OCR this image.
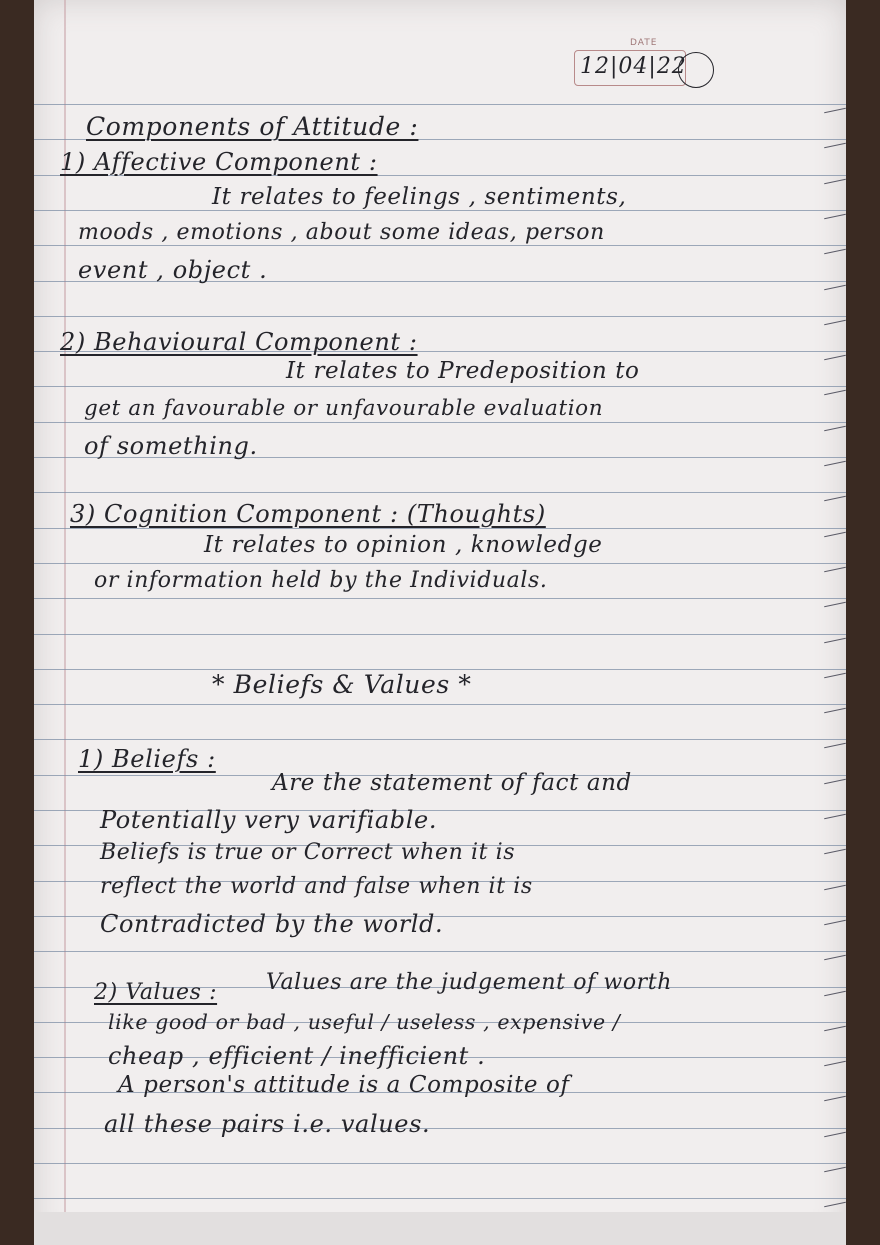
DATE
12|04|22
Components of Attitude :
1) Affective Component :
It relates to feelings , sentiments,
moods , emotions , about some ideas, person
event , object .
2) Behavioural Component :
It relates to Predeposition to
get an favourable or unfavourable evaluation
of something.
3) Cognition Component : (Thoughts)
It relates to opinion , knowledge
or information held by the Individuals.
* Beliefs & Values *
1) Beliefs :
Are the statement of fact and
Potentially very varifiable.
Beliefs is true or Correct when it is
reflect the world and false when it is
Contradicted by the world.
2) Values : Values are the judgement of worth
like good or bad , useful / useless , expensive /
cheap , efficient / inefficient .
A person's attitude is a Composite of
all these pairs i.e. values.
